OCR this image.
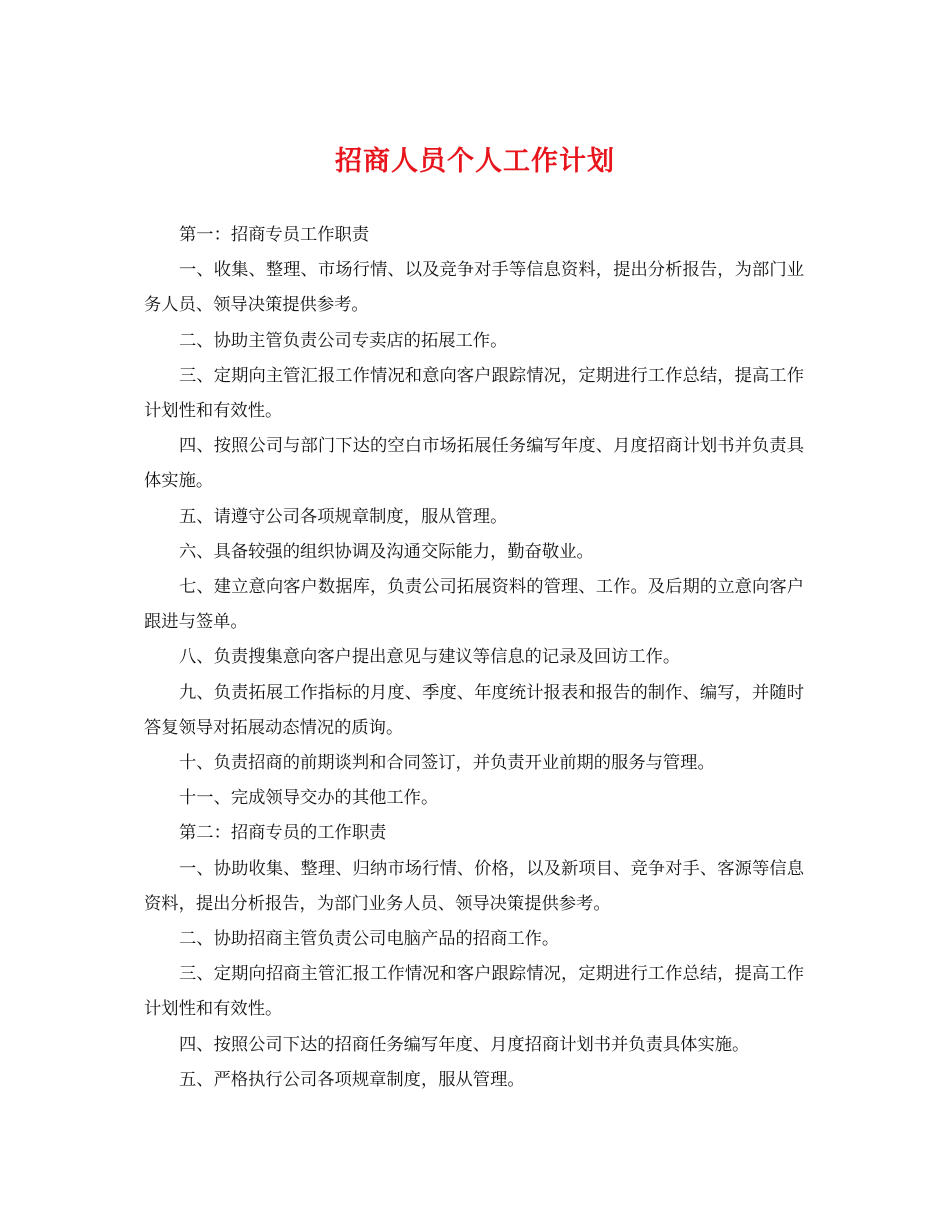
招商人员个人工作计划

第一：招商专员工作职责

一、收集、整理、市场行情、以及竞争对手等信息资料，提出分析报告，为部门业务人员、领导决策提供参考。

二、协助主管负责公司专卖店的拓展工作。

三、定期向主管汇报工作情况和意向客户跟踪情况，定期进行工作总结，提高工作计划性和有效性。

四、按照公司与部门下达的空白市场拓展任务编写年度、月度招商计划书并负责具体实施。

五、请遵守公司各项规章制度，服从管理。

六、具备较强的组织协调及沟通交际能力，勤奋敬业。

七、建立意向客户数据库，负责公司拓展资料的管理、工作。及后期的立意向客户跟进与签单。

八、负责搜集意向客户提出意见与建议等信息的记录及回访工作。

九、负责拓展工作指标的月度、季度、年度统计报表和报告的制作、编写，并随时答复领导对拓展动态情况的质询。

十、负责招商的前期谈判和合同签订，并负责开业前期的服务与管理。

十一、完成领导交办的其他工作。

第二：招商专员的工作职责

一、协助收集、整理、归纳市场行情、价格，以及新项目、竞争对手、客源等信息资料，提出分析报告，为部门业务人员、领导决策提供参考。

二、协助招商主管负责公司电脑产品的招商工作。

三、定期向招商主管汇报工作情况和客户跟踪情况，定期进行工作总结，提高工作计划性和有效性。

四、按照公司下达的招商任务编写年度、月度招商计划书并负责具体实施。

五、严格执行公司各项规章制度，服从管理。
